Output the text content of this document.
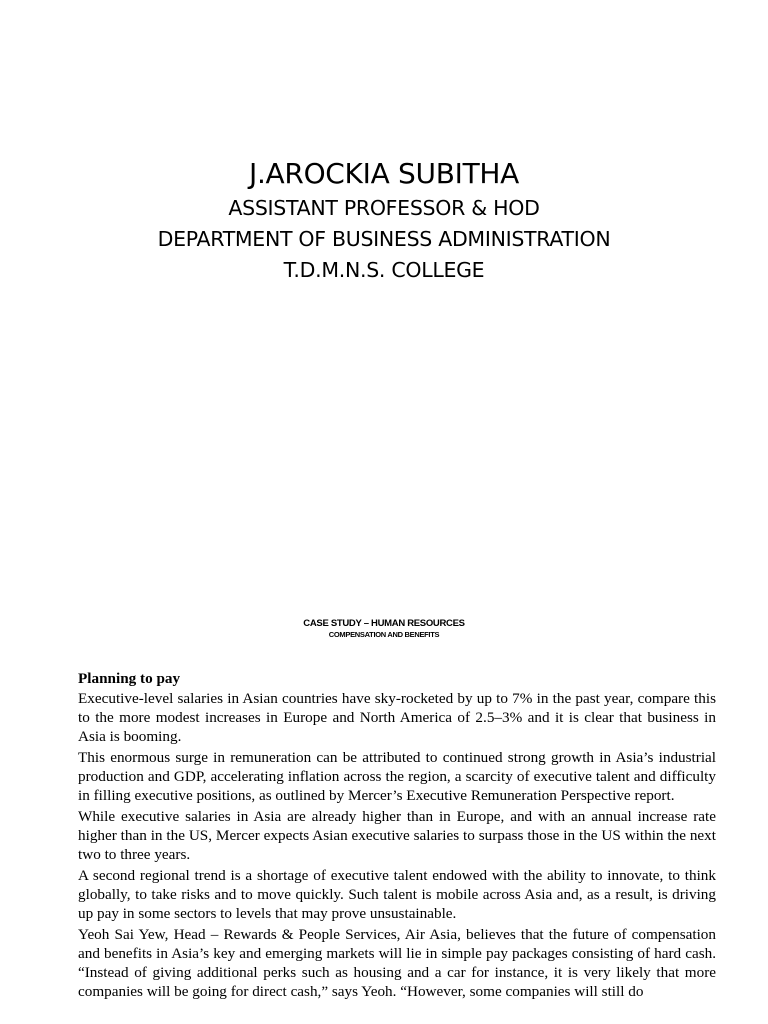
J.AROCKIA SUBITHA
ASSISTANT PROFESSOR & HOD
DEPARTMENT OF BUSINESS ADMINISTRATION
T.D.M.N.S. COLLEGE
CASE STUDY – HUMAN RESOURCES
COMPENSATION AND BENEFITS
Planning to pay

Executive-level salaries in Asian countries have sky-rocketed by up to 7% in the past year, compare this to the more modest increases in Europe and North America of 2.5–3% and it is clear that business in Asia is booming.

This enormous surge in remuneration can be attributed to continued strong growth in Asia’s industrial production and GDP, accelerating inflation across the region, a scarcity of executive talent and difficulty in filling executive positions, as outlined by Mercer’s Executive Remuneration Perspective report.

While executive salaries in Asia are already higher than in Europe, and with an annual increase rate higher than in the US, Mercer expects Asian executive salaries to surpass those in the US within the next two to three years.

A second regional trend is a shortage of executive talent endowed with the ability to innovate, to think globally, to take risks and to move quickly. Such talent is mobile across Asia and, as a result, is driving up pay in some sectors to levels that may prove unsustainable.

Yeoh Sai Yew, Head – Rewards & People Services, Air Asia, believes that the future of compensation and benefits in Asia’s key and emerging markets will lie in simple pay packages consisting of hard cash. “Instead of giving additional perks such as housing and a car for instance, it is very likely that more companies will be going for direct cash,” says Yeoh. “However, some companies will still do
